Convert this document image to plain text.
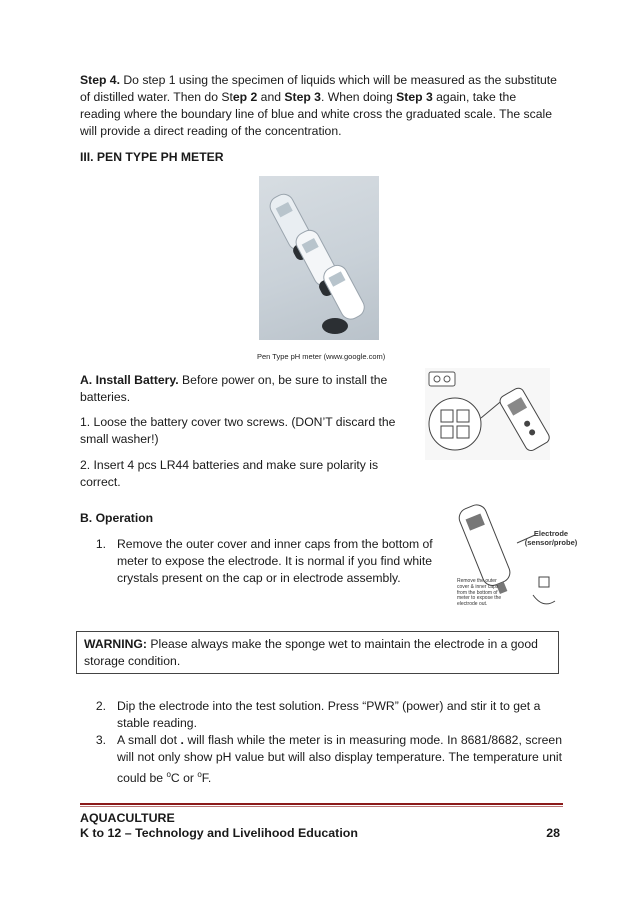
Step 4. Do step 1 using the specimen of liquids which will be measured as the substitute of distilled water. Then do Step 2 and Step 3. When doing Step 3 again, take the reading where the boundary line of blue and white cross the graduated scale. The scale will provide a direct reading of the concentration.
III. PEN TYPE PH METER
Pen Type pH meter (www.google.com)
A. Install Battery. Before power on, be sure to install the batteries.
1. Loose the battery cover two screws. (DON’T discard the small washer!)
2. Insert 4 pcs LR44 batteries and make sure polarity is correct.
B. Operation
1. Remove the outer cover and inner caps from the bottom of meter to expose the electrode. It is normal if you find white crystals present on the cap or in electrode assembly.
Electrode (sensor/probe)
Remove the outer cover & inner caps from the bottom of meter to expose the electrode out.
WARNING: Please always make the sponge wet to maintain the electrode in a good storage condition.
2. Dip the electrode into the test solution. Press “PWR” (power) and stir it to get a stable reading.
3. A small dot . will flash while the meter is in measuring mode. In 8681/8682, screen will not only show pH value but will also display temperature. The temperature unit could be $^o$C or $^o$F.
AQUACULTURE
K to 12 – Technology and Livelihood Education	28
